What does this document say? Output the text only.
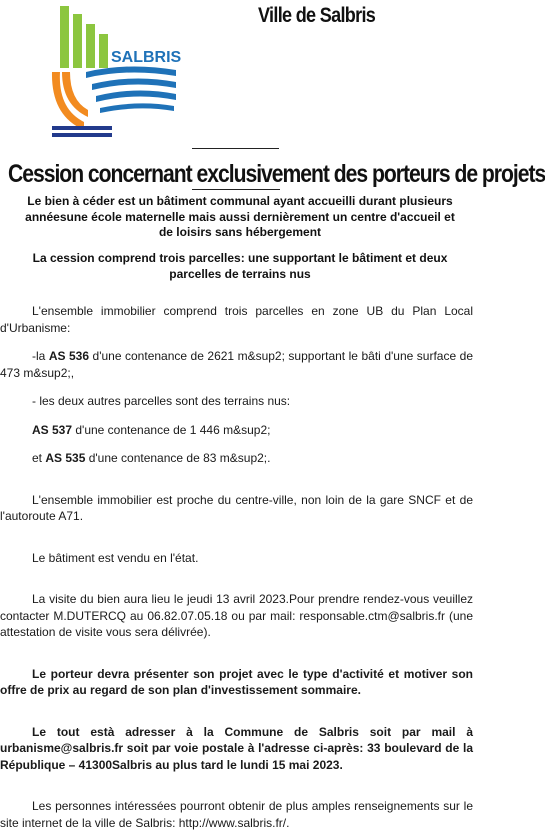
SALBRIS
Ville de Salbris
Cession concernant exclusivement des porteurs de projets

Le bien à céder est un bâtiment communal ayant accueilli durant plusieurs annéesune école maternelle mais aussi dernièrement un centre d'accueil et de loisirs sans hébergement

La cession comprend trois parcelles: une supportant le bâtiment et deux parcelles de terrains nus

L'ensemble immobilier comprend trois parcelles en zone UB du Plan Local d'Urbanisme:

-la AS 536 d'une contenance de 2621 m&sup2; supportant le bâti d'une surface de 473 m&sup2;,

- les deux autres parcelles sont des terrains nus:

AS 537 d'une contenance de 1 446 m&sup2;

et AS 535 d'une contenance de 83 m&sup2;.

L'ensemble immobilier est proche du centre-ville, non loin de la gare SNCF et de l'autoroute A71.

Le bâtiment est vendu en l'état.

La visite du bien aura lieu le jeudi 13 avril 2023.Pour prendre rendez-vous veuillez contacter M.DUTERCQ au 06.82.07.05.18 ou par mail: responsable.ctm@salbris.fr (une attestation de visite vous sera délivrée).

Le porteur devra présenter son projet avec le type d'activité et motiver son offre de prix au regard de son plan d'investissement sommaire.

Le tout està adresser à la Commune de Salbris soit par mail à urbanisme@salbris.fr soit par voie postale à l'adresse ci-après: 33 boulevard de la République – 41300Salbris au plus tard le lundi 15 mai 2023.

Les personnes intéressées pourront obtenir de plus amples renseignements sur le site internet de la ville de Salbris: http://www.salbris.fr/.
